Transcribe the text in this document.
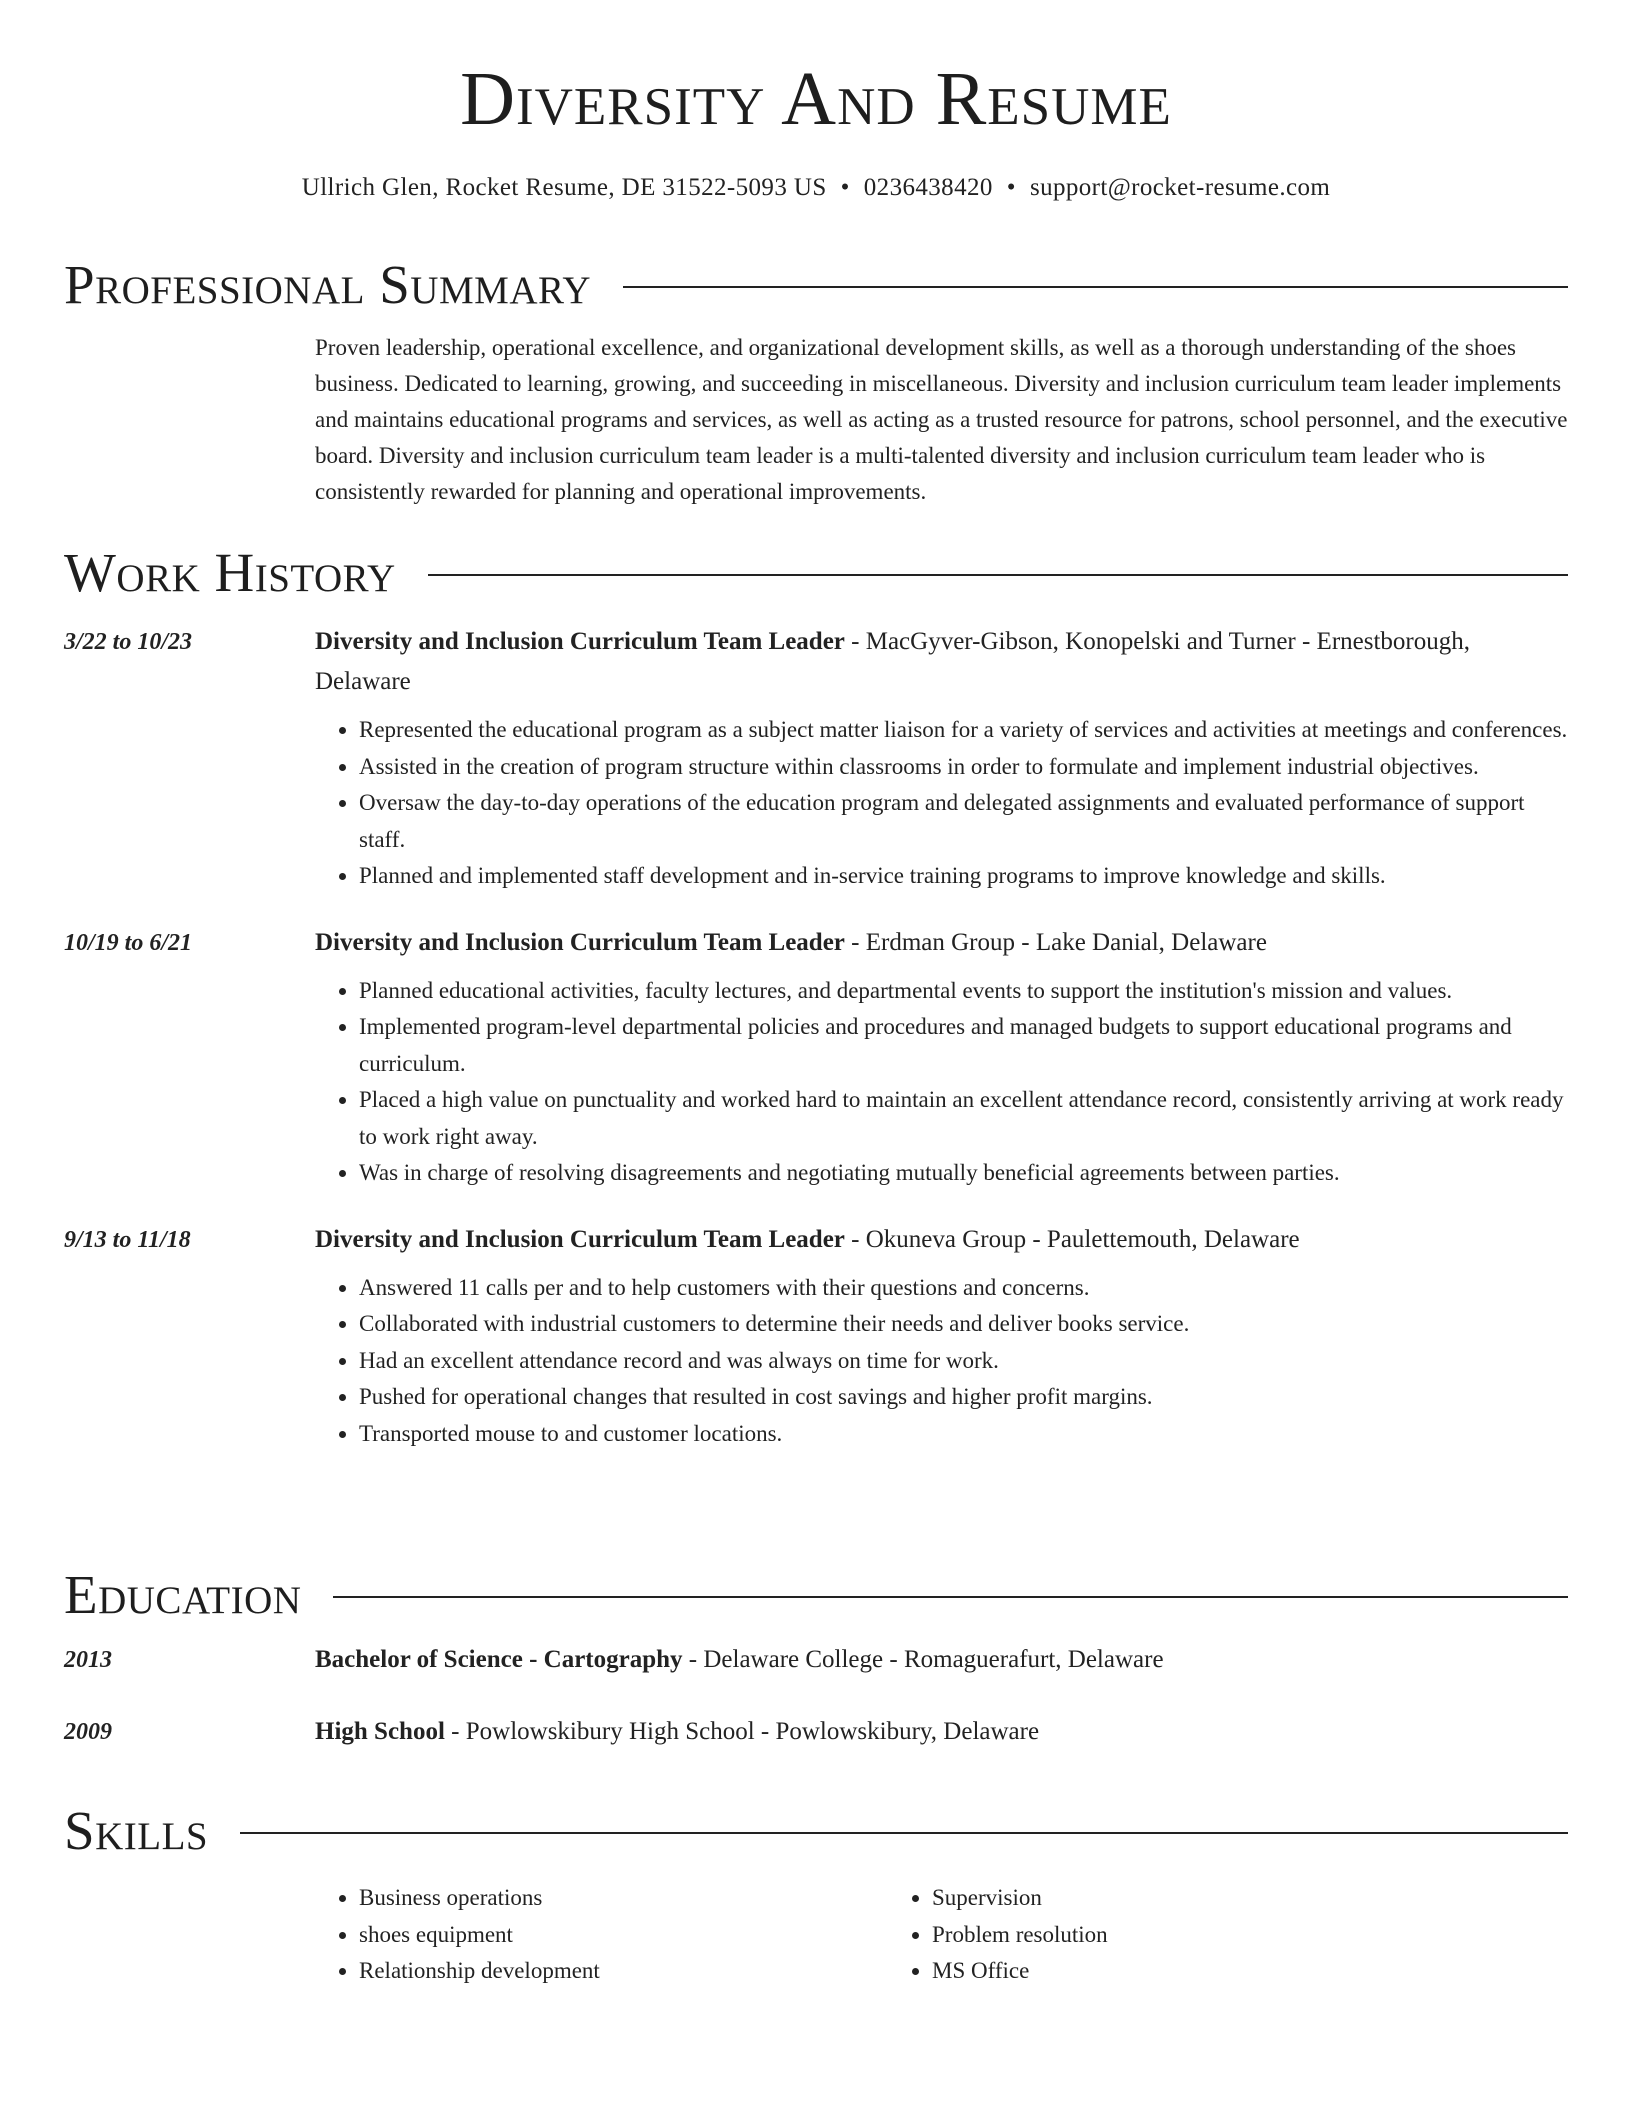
Diversity And Resume
Ullrich Glen, Rocket Resume, DE 31522-5093 US • 0236438420 • support@rocket-resume.com
Professional Summary
Proven leadership, operational excellence, and organizational development skills, as well as a thorough understanding of the shoes business. Dedicated to learning, growing, and succeeding in miscellaneous. Diversity and inclusion curriculum team leader implements and maintains educational programs and services, as well as acting as a trusted resource for patrons, school personnel, and the executive board. Diversity and inclusion curriculum team leader is a multi-talented diversity and inclusion curriculum team leader who is consistently rewarded for planning and operational improvements.
Work History
3/22 to 10/23	Diversity and Inclusion Curriculum Team Leader - MacGyver-Gibson, Konopelski and Turner - Ernestborough, Delaware
• Represented the educational program as a subject matter liaison for a variety of services and activities at meetings and conferences.
• Assisted in the creation of program structure within classrooms in order to formulate and implement industrial objectives.
• Oversaw the day-to-day operations of the education program and delegated assignments and evaluated performance of support staff.
• Planned and implemented staff development and in-service training programs to improve knowledge and skills.
10/19 to 6/21	Diversity and Inclusion Curriculum Team Leader - Erdman Group - Lake Danial, Delaware
• Planned educational activities, faculty lectures, and departmental events to support the institution's mission and values.
• Implemented program-level departmental policies and procedures and managed budgets to support educational programs and curriculum.
• Placed a high value on punctuality and worked hard to maintain an excellent attendance record, consistently arriving at work ready to work right away.
• Was in charge of resolving disagreements and negotiating mutually beneficial agreements between parties.
9/13 to 11/18	Diversity and Inclusion Curriculum Team Leader - Okuneva Group - Paulettemouth, Delaware
• Answered 11 calls per and to help customers with their questions and concerns.
• Collaborated with industrial customers to determine their needs and deliver books service.
• Had an excellent attendance record and was always on time for work.
• Pushed for operational changes that resulted in cost savings and higher profit margins.
• Transported mouse to and customer locations.
Education
2013	Bachelor of Science - Cartography - Delaware College - Romaguerafurt, Delaware
2009	High School - Powlowskibury High School - Powlowskibury, Delaware
Skills
• Business operations
• shoes equipment
• Relationship development
• Supervision
• Problem resolution
• MS Office
